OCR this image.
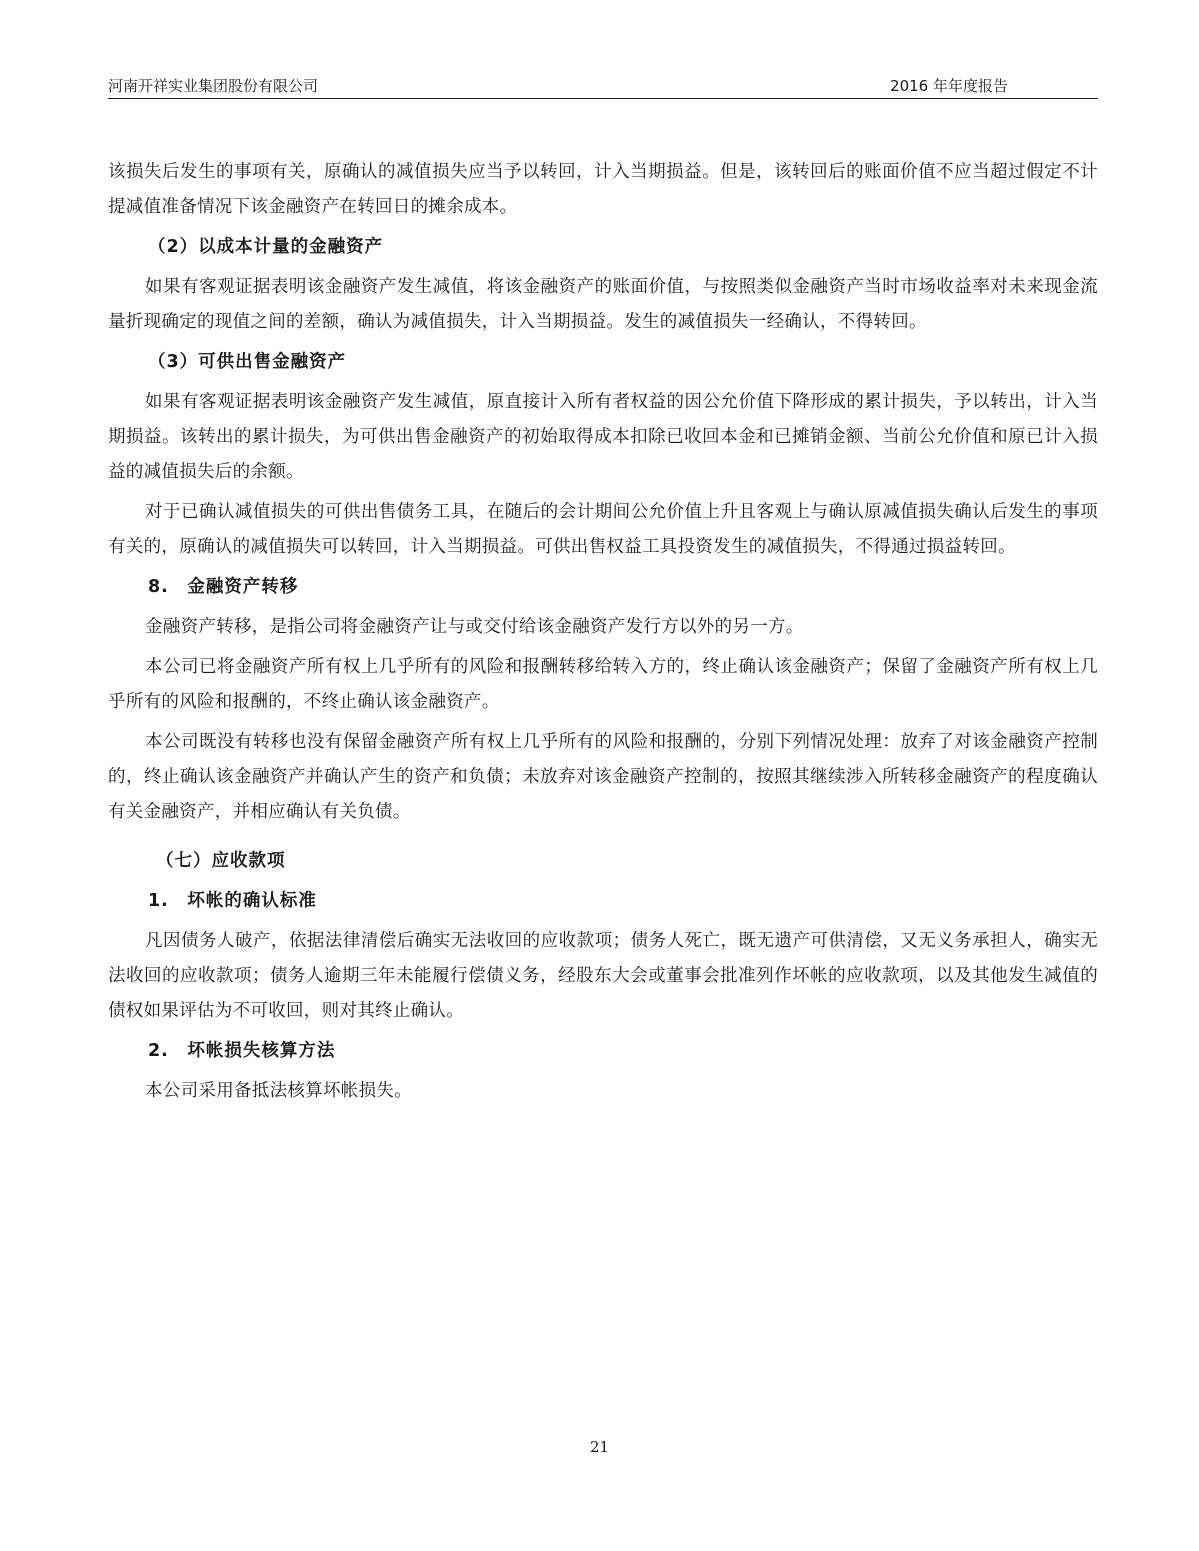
河南开祥实业集团股份有限公司	2016 年年度报告

该损失后发生的事项有关，原确认的减值损失应当予以转回，计入当期损益。但是，该转回后的账面价值不应当超过假定不计提减值准备情况下该金融资产在转回日的摊余成本。

（2）以成本计量的金融资产

如果有客观证据表明该金融资产发生减值，将该金融资产的账面价值，与按照类似金融资产当时市场收益率对未来现金流量折现确定的现值之间的差额，确认为减值损失，计入当期损益。发生的减值损失一经确认，不得转回。

（3）可供出售金融资产

如果有客观证据表明该金融资产发生减值，原直接计入所有者权益的因公允价值下降形成的累计损失，予以转出，计入当期损益。该转出的累计损失，为可供出售金融资产的初始取得成本扣除已收回本金和已摊销金额、当前公允价值和原已计入损益的减值损失后的余额。

对于已确认减值损失的可供出售债务工具，在随后的会计期间公允价值上升且客观上与确认原减值损失确认后发生的事项有关的，原确认的减值损失可以转回，计入当期损益。可供出售权益工具投资发生的减值损失，不得通过损益转回。

8.　金融资产转移

金融资产转移，是指公司将金融资产让与或交付给该金融资产发行方以外的另一方。

本公司已将金融资产所有权上几乎所有的风险和报酬转移给转入方的，终止确认该金融资产；保留了金融资产所有权上几乎所有的风险和报酬的，不终止确认该金融资产。

本公司既没有转移也没有保留金融资产所有权上几乎所有的风险和报酬的，分别下列情况处理：放弃了对该金融资产控制的，终止确认该金融资产并确认产生的资产和负债；未放弃对该金融资产控制的，按照其继续涉入所转移金融资产的程度确认有关金融资产，并相应确认有关负债。

（七）应收款项
1.　坏帐的确认标准

凡因债务人破产，依据法律清偿后确实无法收回的应收款项；债务人死亡，既无遗产可供清偿，又无义务承担人，确实无法收回的应收款项；债务人逾期三年未能履行偿债义务，经股东大会或董事会批准列作坏帐的应收款项，以及其他发生减值的债权如果评估为不可收回，则对其终止确认。

2.　坏帐损失核算方法

本公司采用备抵法核算坏帐损失。

21
